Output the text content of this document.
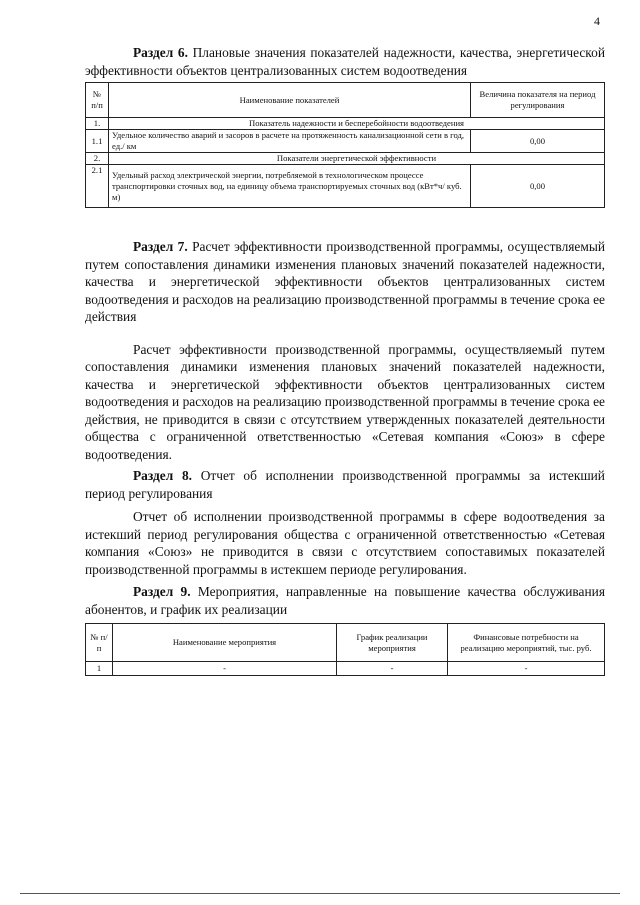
4
Раздел 6. Плановые значения показателей надежности, качества, энергетической эффективности объектов централизованных систем водоотведения
№ п/п	Наименование показателей	Величина показателя на период регулирования
1.	Показатель надежности и бесперебойности водоотведения	
1.1	Удельное количество аварий и засоров в расчете на протяженность канализационной сети в год, ед./ км	0,00
2.	Показатели энергетической эффективности	
2.1	Удельный расход электрической энергии, потребляемой в технологическом процессе транспортировки сточных вод, на единицу объема транспортируемых сточных вод (кВт*ч/ куб. м)	0,00
Раздел 7. Расчет эффективности производственной программы, осуществляемый путем сопоставления динамики изменения плановых значений показателей надежности, качества и энергетической эффективности объектов централизованных систем водоотведения и расходов на реализацию производственной программы в течение срока ее действия
Расчет эффективности производственной программы, осуществляемый путем сопоставления динамики изменения плановых значений показателей надежности, качества и энергетической эффективности объектов централизованных систем водоотведения и расходов на реализацию производственной программы в течение срока ее действия, не приводится в связи с отсутствием утвержденных показателей деятельности общества с ограниченной ответственностью «Сетевая компания «Союз» в сфере водоотведения.
Раздел 8. Отчет об исполнении производственной программы за истекший период регулирования
Отчет об исполнении производственной программы в сфере водоотведения за истекший период регулирования общества с ограниченной ответственностью «Сетевая компания «Союз» не приводится в связи с отсутствием сопоставимых показателей производственной программы в истекшем периоде регулирования.
Раздел 9. Мероприятия, направленные на повышение качества обслуживания абонентов, и график их реализации
№ п/п	Наименование мероприятия	График реализации мероприятия	Финансовые потребности на реализацию мероприятий, тыс. руб.
1	-	-	-
